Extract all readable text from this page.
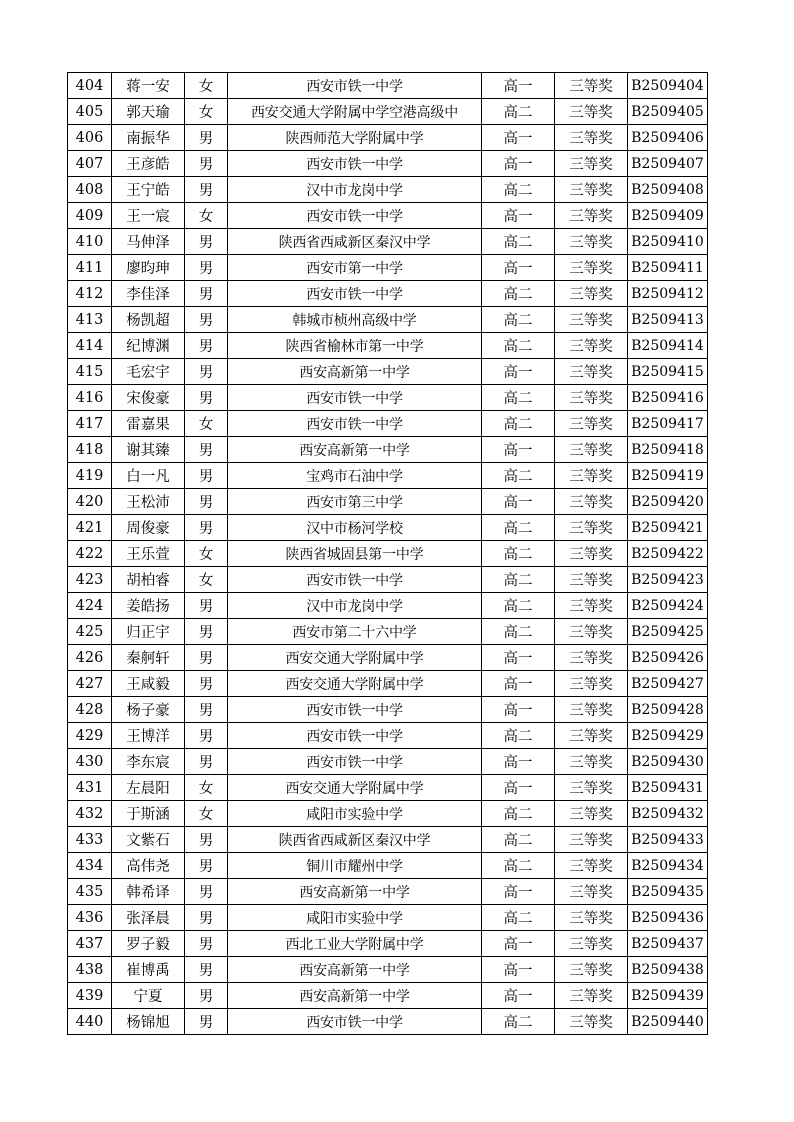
404	蒋一安	女	西安市铁一中学	高一	三等奖	B2509404
405	郭天瑜	女	西安交通大学附属中学空港高级中	高二	三等奖	B2509405
406	南振华	男	陕西师范大学附属中学	高一	三等奖	B2509406
407	王彦皓	男	西安市铁一中学	高一	三等奖	B2509407
408	王宁皓	男	汉中市龙岗中学	高二	三等奖	B2509408
409	王一宸	女	西安市铁一中学	高一	三等奖	B2509409
410	马伸泽	男	陕西省西咸新区秦汉中学	高二	三等奖	B2509410
411	廖昀珅	男	西安市第一中学	高一	三等奖	B2509411
412	李佳泽	男	西安市铁一中学	高二	三等奖	B2509412
413	杨凯超	男	韩城市桢州高级中学	高二	三等奖	B2509413
414	纪博渊	男	陕西省榆林市第一中学	高二	三等奖	B2509414
415	毛宏宇	男	西安高新第一中学	高一	三等奖	B2509415
416	宋俊豪	男	西安市铁一中学	高二	三等奖	B2509416
417	雷嘉果	女	西安市铁一中学	高二	三等奖	B2509417
418	谢其臻	男	西安高新第一中学	高一	三等奖	B2509418
419	白一凡	男	宝鸡市石油中学	高二	三等奖	B2509419
420	王松沛	男	西安市第三中学	高一	三等奖	B2509420
421	周俊豪	男	汉中市杨河学校	高二	三等奖	B2509421
422	王乐萱	女	陕西省城固县第一中学	高二	三等奖	B2509422
423	胡柏睿	女	西安市铁一中学	高二	三等奖	B2509423
424	姜皓扬	男	汉中市龙岗中学	高二	三等奖	B2509424
425	归正宇	男	西安市第二十六中学	高二	三等奖	B2509425
426	秦舸轩	男	西安交通大学附属中学	高一	三等奖	B2509426
427	王咸毅	男	西安交通大学附属中学	高一	三等奖	B2509427
428	杨子豪	男	西安市铁一中学	高一	三等奖	B2509428
429	王博洋	男	西安市铁一中学	高二	三等奖	B2509429
430	李东宸	男	西安市铁一中学	高一	三等奖	B2509430
431	左晨阳	女	西安交通大学附属中学	高一	三等奖	B2509431
432	于斯涵	女	咸阳市实验中学	高二	三等奖	B2509432
433	文紫石	男	陕西省西咸新区秦汉中学	高二	三等奖	B2509433
434	高伟尧	男	铜川市耀州中学	高二	三等奖	B2509434
435	韩希译	男	西安高新第一中学	高一	三等奖	B2509435
436	张泽晨	男	咸阳市实验中学	高二	三等奖	B2509436
437	罗子毅	男	西北工业大学附属中学	高一	三等奖	B2509437
438	崔博禹	男	西安高新第一中学	高一	三等奖	B2509438
439	宁夏	男	西安高新第一中学	高一	三等奖	B2509439
440	杨锦旭	男	西安市铁一中学	高二	三等奖	B2509440
